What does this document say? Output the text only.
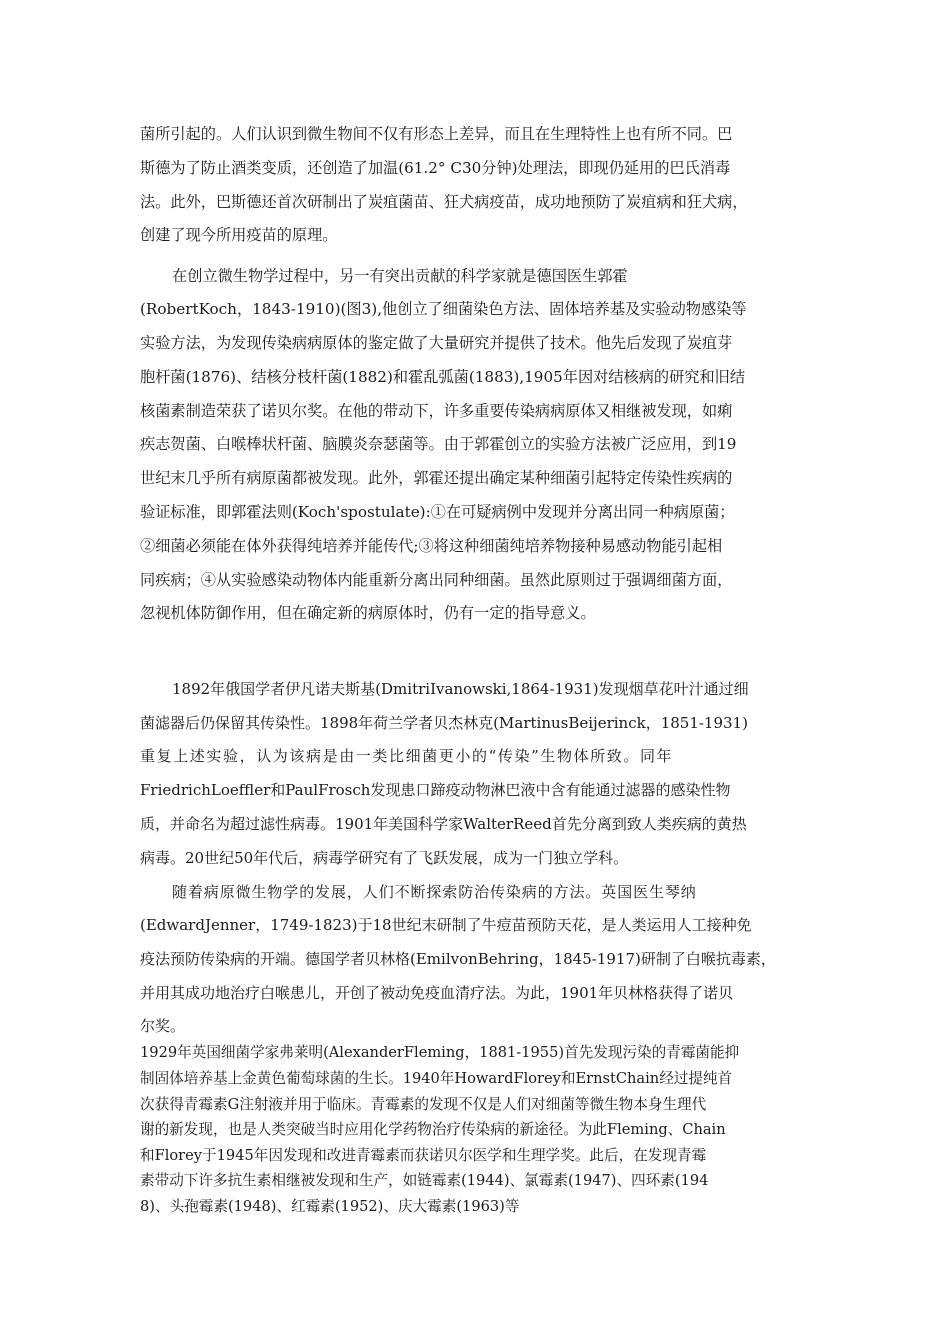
菌所引起的。人们认识到微生物间不仅有形态上差异，而且在生理特性上也有所不同。巴

斯德为了防止酒类变质，还创造了加温(61.2° C30分钟)处理法，即现仍延用的巴氏消毒

法。此外，巴斯德还首次研制出了炭疽菌苗、狂犬病疫苗，成功地预防了炭疽病和狂犬病，

创建了现今所用疫苗的原理。

在创立微生物学过程中，另一有突出贡献的科学家就是德国医生郭霍

(RobertKoch，1843-1910)(图3),他创立了细菌染色方法、固体培养基及实验动物感染等

实验方法，为发现传染病病原体的鉴定做了大量研究并提供了技术。他先后发现了炭疽芽

胞杆菌(1876)、结核分枝杆菌(1882)和霍乱弧菌(1883),1905年因对结核病的研究和旧结

核菌素制造荣获了诺贝尔奖。在他的带动下，许多重要传染病病原体又相继被发现，如痢

疾志贺菌、白喉棒状杆菌、脑膜炎奈瑟菌等。由于郭霍创立的实验方法被广泛应用，到19

世纪末几乎所有病原菌都被发现。此外，郭霍还提出确定某种细菌引起特定传染性疾病的

验证标准，即郭霍法则(Koch'spostulate):①在可疑病例中发现并分离出同一种病原菌；

②细菌必须能在体外获得纯培养并能传代;③将这种细菌纯培养物接种易感动物能引起相

同疾病；④从实验感染动物体内能重新分离出同种细菌。虽然此原则过于强调细菌方面，

忽视机体防御作用，但在确定新的病原体时，仍有一定的指导意义。

1892年俄国学者伊凡诺夫斯基(DmitriIvanowski,1864-1931)发现烟草花叶汁通过细

菌滤器后仍保留其传染性。1898年荷兰学者贝杰林克(MartinusBeijerinck，1851-1931)

重复上述实验，认为该病是由一类比细菌更小的“传染”生物体所致。同年

FriedrichLoeffler和PaulFrosch发现患口蹄疫动物淋巴液中含有能通过滤器的感染性物

质，并命名为超过滤性病毒。1901年美国科学家WalterReed首先分离到致人类疾病的黄热

病毒。20世纪50年代后，病毒学研究有了飞跃发展，成为一门独立学科。

随着病原微生物学的发展，人们不断探索防治传染病的方法。英国医生琴纳

(EdwardJenner，1749-1823)于18世纪末研制了牛痘苗预防天花，是人类运用人工接种免

疫法预防传染病的开端。德国学者贝林格(EmilvonBehring，1845-1917)研制了白喉抗毒素，

并用其成功地治疗白喉患儿，开创了被动免疫血清疗法。为此，1901年贝林格获得了诺贝

尔奖。

1929年英国细菌学家弗莱明(AlexanderFleming，1881-1955)首先发现污染的青霉菌能抑

制固体培养基上金黄色葡萄球菌的生长。1940年HowardFlorey和ErnstChain经过提纯首

次获得青霉素G注射液并用于临床。青霉素的发现不仅是人们对细菌等微生物本身生理代

谢的新发现，也是人类突破当时应用化学药物治疗传染病的新途径。为此Fleming、Chain

和Florey于1945年因发现和改进青霉素而获诺贝尔医学和生理学奖。此后，在发现青霉

素带动下许多抗生素相继被发现和生产，如链霉素(1944)、氯霉素(1947)、四环素(194

8)、头孢霉素(1948)、红霉素(1952)、庆大霉素(1963)等
